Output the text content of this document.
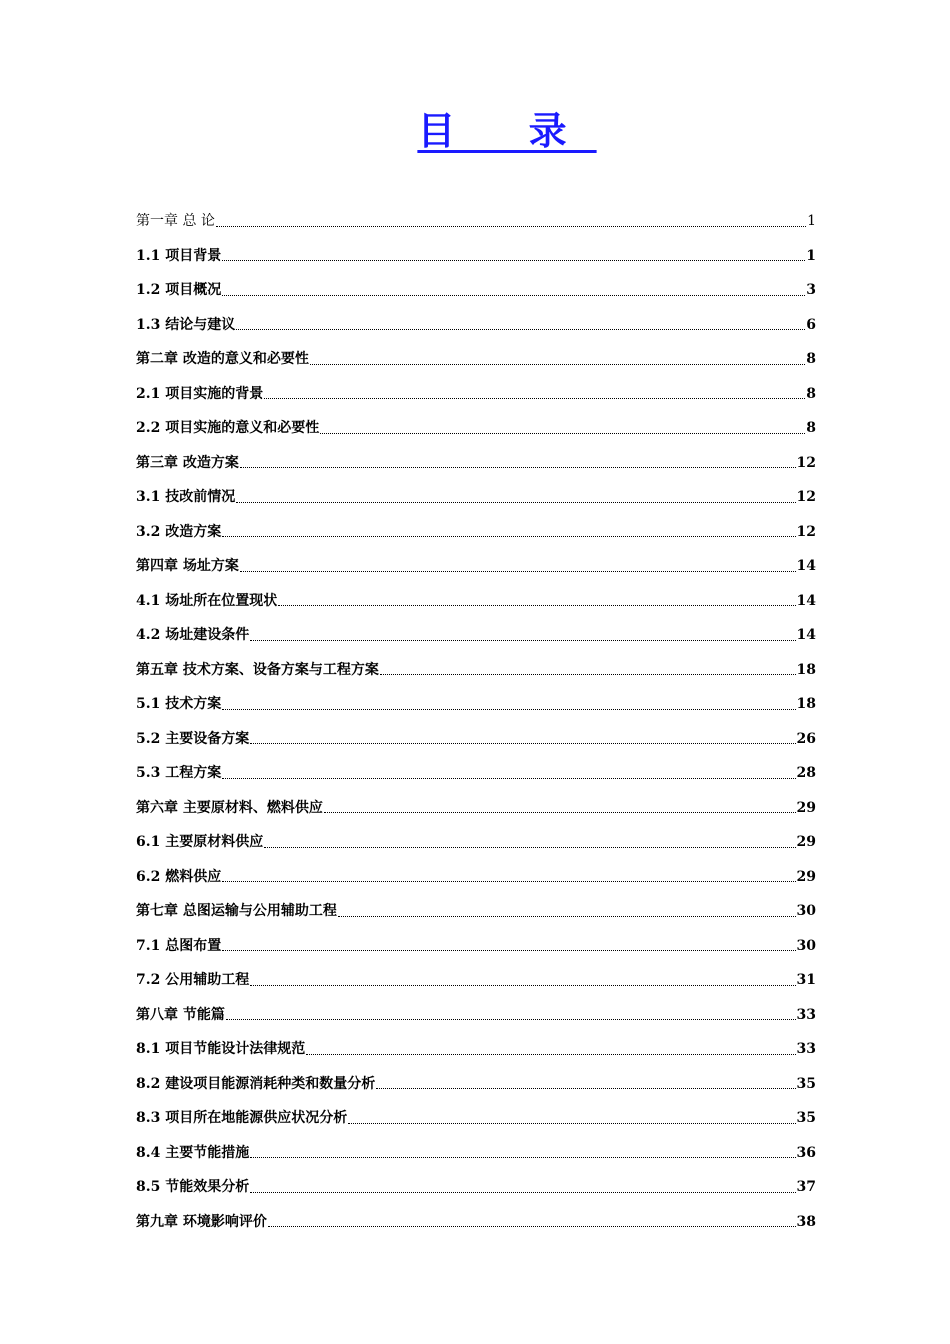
目 录
第一章 总 论	1
1.1 项目背景	1
1.2 项目概况	3
1.3 结论与建议	6
第二章 改造的意义和必要性	8
2.1 项目实施的背景	8
2.2 项目实施的意义和必要性	8
第三章 改造方案	12
3.1 技改前情况	12
3.2 改造方案	12
第四章 场址方案	14
4.1 场址所在位置现状	14
4.2 场址建设条件	14
第五章 技术方案、设备方案与工程方案	18
5.1 技术方案	18
5.2 主要设备方案	26
5.3 工程方案	28
第六章 主要原材料、燃料供应	29
6.1 主要原材料供应	29
6.2 燃料供应	29
第七章 总图运输与公用辅助工程	30
7.1 总图布置	30
7.2 公用辅助工程	31
第八章 节能篇	33
8.1 项目节能设计法律规范	33
8.2 建设项目能源消耗种类和数量分析	35
8.3 项目所在地能源供应状况分析	35
8.4 主要节能措施	36
8.5 节能效果分析	37
第九章 环境影响评价	38
